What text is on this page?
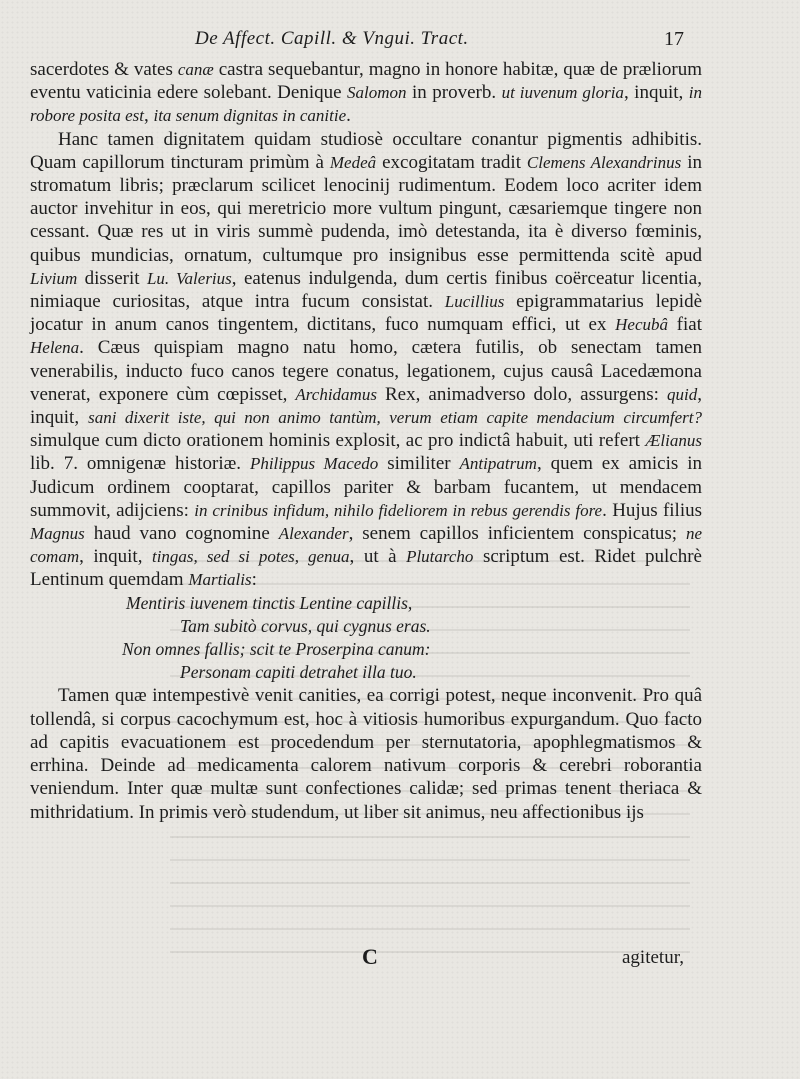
De Affect. Capill. & Vngui. Tract.	17

sacerdotes & vates canæ castra sequebantur, magno in honore habitæ, quæ de præliorum eventu vaticinia edere solebant. Denique Salomon in proverb. ut iuvenum gloria, inquit, in robore posita est, ita senum dignitas in canitie.

Hanc tamen dignitatem quidam studiosè occultare conantur pigmentis adhibitis. Quam capillorum tincturam primùm à Medeâ excogitatam tradit Clemens Alexandrinus in stromatum libris; præclarum scilicet lenocinij rudimentum. Eodem loco acriter idem auctor invehitur in eos, qui meretricio more vultum pingunt, cæsariemque tingere non cessant. Quæ res ut in viris summè pudenda, imò detestanda, ita è diverso fœminis, quibus mundicias, ornatum, cultumque pro insignibus esse permittenda scitè apud Livium disserit Lu. Valerius, eatenus indulgenda, dum certis finibus coërceatur licentia, nimiaque curiositas, atque intra fucum consistat. Lucillius epigrammatarius lepidè jocatur in anum canos tingentem, dictitans, fuco numquam effici, ut ex Hecubâ fiat Helena. Cæus quispiam magno natu homo, cætera futilis, ob senectam tamen venerabilis, inducto fuco canos tegere conatus, legationem, cujus causâ Lacedæmona venerat, exponere cùm cœpisset, Archidamus Rex, animadverso dolo, assurgens: quid, inquit, sani dixerit iste, qui non animo tantùm, verum etiam capite mendacium circumfert? simulque cum dicto orationem hominis explosit, ac pro indictâ habuit, uti refert Ælianus lib. 7. omnigenæ historiæ. Philippus Macedo similiter Antipatrum, quem ex amicis in Judicum ordinem cooptarat, capillos pariter & barbam fucantem, ut mendacem summovit, adijciens: in crinibus infidum, nihilo fideliorem in rebus gerendis fore. Hujus filius Magnus haud vano cognomine Alexander, senem capillos inficientem conspicatus; ne comam, inquit, tingas, sed si potes, genua, ut à Plutarcho scriptum est. Ridet pulchrè Lentinum quemdam Martialis:

Mentiris iuvenem tinctis Lentine capillis,
Tam subitò corvus, qui cygnus eras.
Non omnes fallis; scit te Proserpina canum:
Personam capiti detrahet illa tuo.

Tamen quæ intempestivè venit canities, ea corrigi potest, neque inconvenit. Pro quâ tollendâ, si corpus cacochymum est, hoc à vitiosis humoribus expurgandum. Quo facto ad capitis evacuationem est procedendum per sternutatoria, apophlegmatismos & errhina. Deinde ad medicamenta calorem nativum corporis & cerebri roborantia veniendum. Inter quæ multæ sunt confectiones calidæ; sed primas tenent theriaca & mithridatium. In primis verò studendum, ut liber sit animus, neu affectionibus ijs

C	agitetur,
